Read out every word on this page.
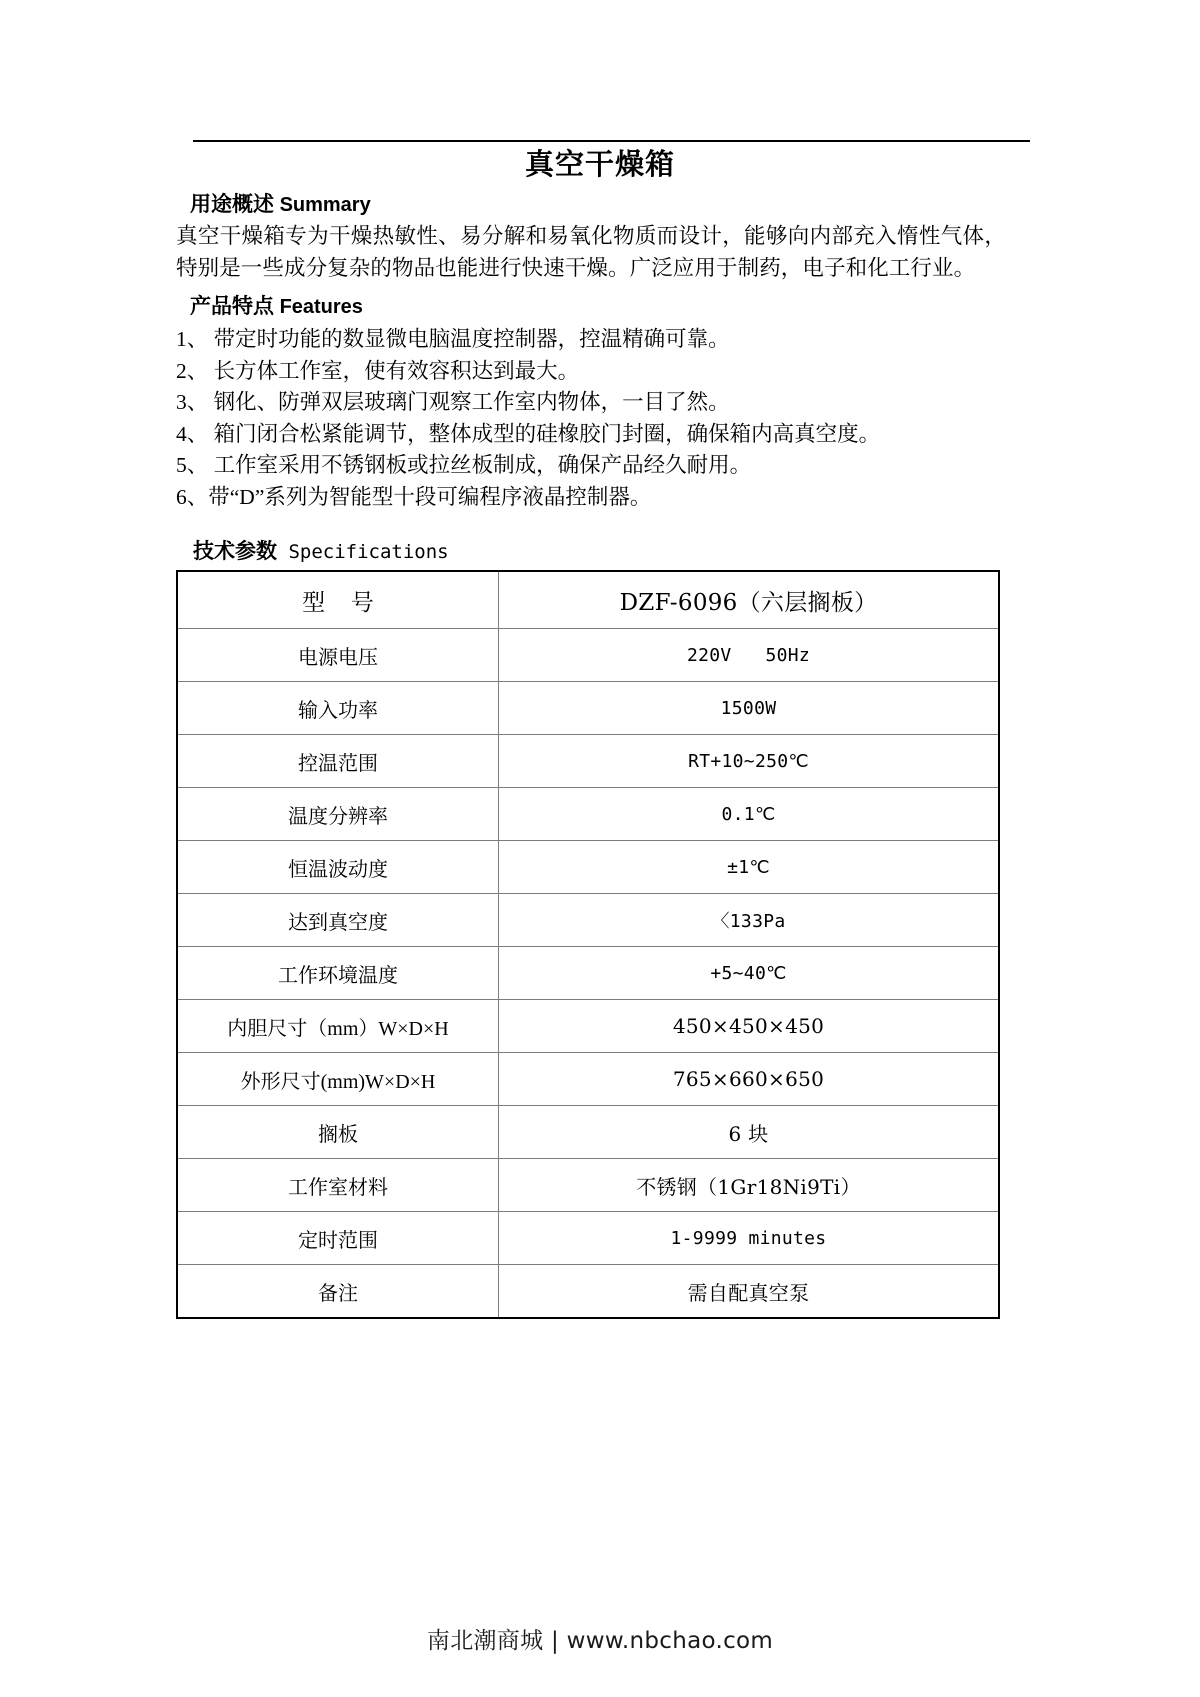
真空干燥箱
用途概述 Summary

真空干燥箱专为干燥热敏性、易分解和易氧化物质而设计，能够向内部充入惰性气体，特别是一些成分复杂的物品也能进行快速干燥。广泛应用于制药，电子和化工行业。

产品特点 Features
1、 带定时功能的数显微电脑温度控制器，控温精确可靠。
2、 长方体工作室，使有效容积达到最大。
3、 钢化、防弹双层玻璃门观察工作室内物体，一目了然。
4、 箱门闭合松紧能调节，整体成型的硅橡胶门封圈，确保箱内高真空度。
5、 工作室采用不锈钢板或拉丝板制成，确保产品经久耐用。
6、带“D”系列为智能型十段可编程序液晶控制器。
技术参数 Specifications
型 号	DZF-6096（六层搁板）
电源电压	220V 50Hz
输入功率	1500W
控温范围	RT+10~250℃
温度分辨率	0.1℃
恒温波动度	±1℃
达到真空度	〈133Pa
工作环境温度	+5~40℃
内胆尺寸（mm）W×D×H	450×450×450
外形尺寸(mm)W×D×H	765×660×650
搁板	6 块
工作室材料	不锈钢（1Gr18Ni9Ti）
定时范围	1-9999 minutes
备注	需自配真空泵
南北潮商城 | www.nbchao.com
